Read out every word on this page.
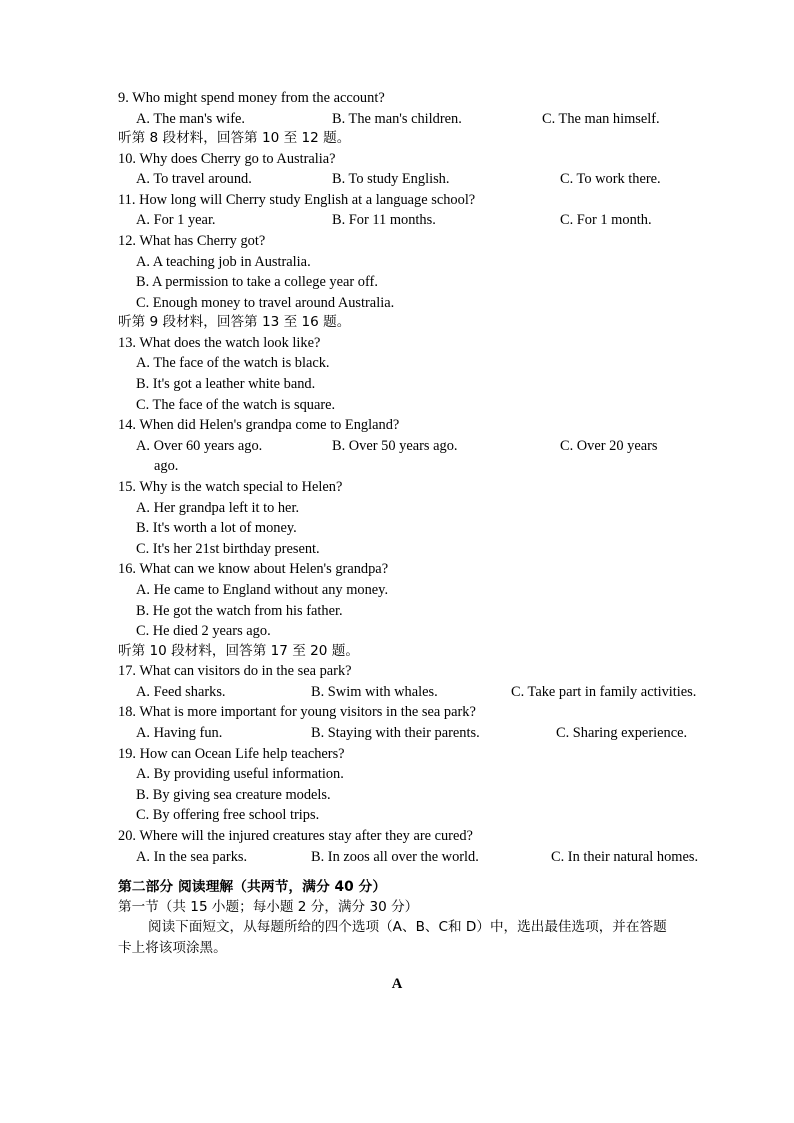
9. Who might spend money from the account?
A. The man's wife.	B. The man's children.	C. The man himself.
听第 8 段材料，回答第 10 至 12 题。
10. Why does Cherry go to Australia?
A. To travel around.	B. To study English.	C. To work there.
11. How long will Cherry study English at a language school?
A. For 1 year.	B. For 11 months.	C. For 1 month.
12. What has Cherry got?
A. A teaching job in Australia.
B. A permission to take a college year off.
C. Enough money to travel around Australia.
听第 9 段材料，回答第 13 至 16 题。
13. What does the watch look like?
A. The face of the watch is black.
B. It's got a leather white band.
C. The face of the watch is square.
14. When did Helen's grandpa come to England?
A. Over 60 years ago.	B. Over 50 years ago.	C. Over 20 years
ago.
15. Why is the watch special to Helen?
A. Her grandpa left it to her.
B. It's worth a lot of money.
C. It's her 21st birthday present.
16. What can we know about Helen's grandpa?
A. He came to England without any money.
B. He got the watch from his father.
C. He died 2 years ago.
听第 10 段材料，回答第 17 至 20 题。
17. What can visitors do in the sea park?
A. Feed sharks.	B. Swim with whales.	C. Take part in family activities.
18. What is more important for young visitors in the sea park?
A. Having fun.	B. Staying with their parents.	C. Sharing experience.
19. How can Ocean Life help teachers?
A. By providing useful information.
B. By giving sea creature models.
C. By offering free school trips.
20. Where will the injured creatures stay after they are cured?
A. In the sea parks.	B. In zoos all over the world.	C. In their natural homes.
第二部分 阅读理解（共两节，满分 40 分）
第一节（共 15 小题；每小题 2 分，满分 30 分）
阅读下面短文，从每题所给的四个选项（A、B、C和 D）中，选出最佳选项，并在答题卡上将该项涂黑。
A
